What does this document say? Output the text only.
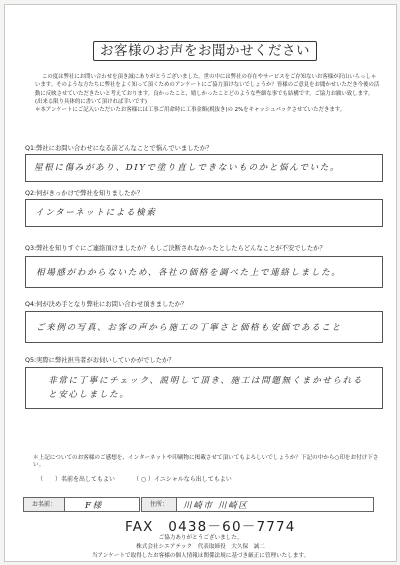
お客様のお声をお聞かせください

この度は弊社にお問い合わせを頂き誠にありがとうございました。世の中には弊社の存在やサービスをご存知ないお客様が沢山いらっしゃいます。そのような方たちに弊社をよく知って頂くためのアンケートにご協力頂けないでしょうか？皆様のご意見をお聞かせいただき今後の活動に反映させていただきたいと考えております。良かったこと、嬉しかったことどのような些細な事でも結構です。ご協力お願い致します。(出来る限り具体的に書いて頂ければ幸いです)

＊本アンケートにご記入いただいたお客様には工事ご用命時に工事金額(税抜き)の 2%をキャッシュバックさせていただきます。

Q1:弊社にお問い合わせになる前どんなことで悩んでいましたか？
屋根に傷みがあり、DIYで塗り直しできないものかと悩んでいた。
Q2:何がきっかけで弊社を知りましたか？
インターネットによる検索
Q3:弊社を知りすぐにご連絡頂けましたか？もしご決断されなかったとしたらどんなことが不安でしたか？
相場感がわからないため、各社の価格を調べた上で連絡しました。
Q4:何が決め手となり弊社にお問い合わせ頂きましたか？
ご来例の写真、お客の声から施工の丁寧さと価格も安価であること
Q5:実際に弊社担当者がお伺いしていかがでしたか？
非常に丁寧にチェック、説明して頂き、施工は問題無くまかせられる
と安心しました。
＊上記についてのお客様のご感想を、インターネットや印刷物に掲載させて頂いてもよろしいでしょうか？下記の中から○印をお付け下さい。
（　　）名前を出してもよい	（ ○ ）イニシャルなら出してもよい
お名前：	F様	住所：	川崎市 川崎区
FAX　0438－60－7774
ご協力ありがとうございました。
株式会社シエアテック　代表取締役　大久保　誠二
当アンケートで取得したお客様の個人情報は関係法規に基づき厳正に管理いたします。
